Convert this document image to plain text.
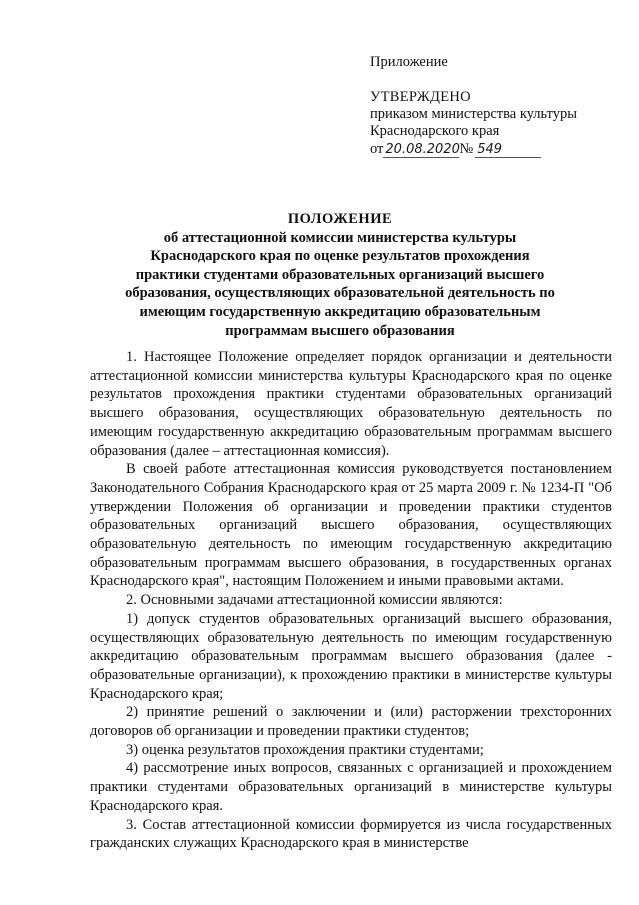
Приложение
УТВЕРЖДЕНО
приказом министерства культуры
Краснодарского края
от 20.08.2020№ 549
ПОЛОЖЕНИЕ
об аттестационной комиссии министерства культуры
Краснодарского края по оценке результатов прохождения
практики студентами образовательных организаций высшего
образования, осуществляющих образовательной деятельность по
имеющим государственную аккредитацию образовательным
программам высшего образования

1. Настоящее Положение определяет порядок организации и деятельности аттестационной комиссии министерства культуры Краснодарского края по оценке результатов прохождения практики студентами образовательных организаций высшего образования, осуществляющих образовательную деятельность по имеющим государственную аккредитацию образовательным программам высшего образования (далее – аттестационная комиссия).

В своей работе аттестационная комиссия руководствуется постановлением Законодательного Собрания Краснодарского края от 25 марта 2009 г. № 1234-П "Об утверждении Положения об организации и проведении практики студентов образовательных организаций высшего образования, осуществляющих образовательную деятельность по имеющим государственную аккредитацию образовательным программам высшего образования, в государственных органах Краснодарского края", настоящим Положением и иными правовыми актами.

2. Основными задачами аттестационной комиссии являются:

1) допуск студентов образовательных организаций высшего образования, осуществляющих образовательную деятельность по имеющим государственную аккредитацию образовательным программам высшего образования (далее - образовательные организации), к прохождению практики в министерстве культуры Краснодарского края;

2) принятие решений о заключении и (или) расторжении трехсторонних договоров об организации и проведении практики студентов;

3) оценка результатов прохождения практики студентами;

4) рассмотрение иных вопросов, связанных с организацией и прохождением практики студентами образовательных организаций в министерстве культуры Краснодарского края.

3. Состав аттестационной комиссии формируется из числа государственных гражданских служащих Краснодарского края в министерстве
